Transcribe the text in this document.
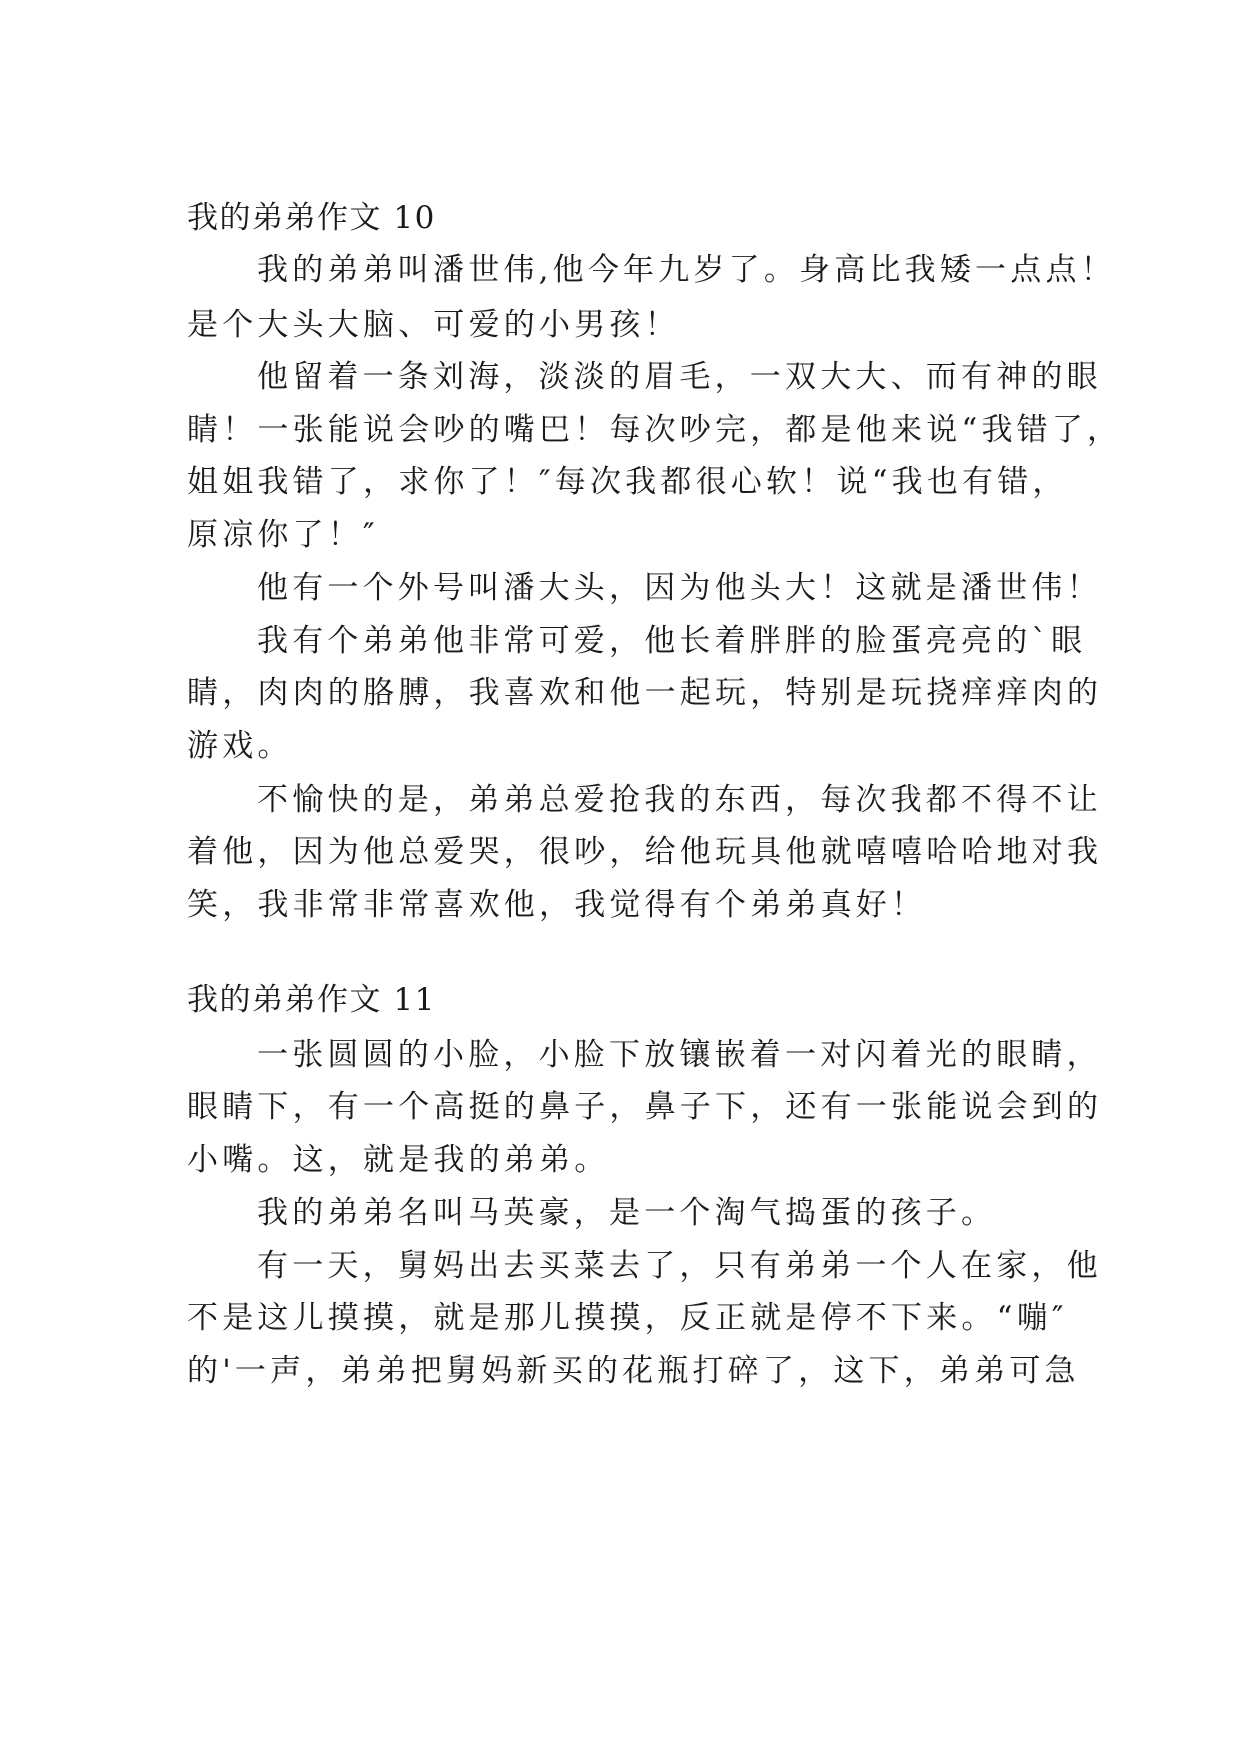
我的弟弟作文 10
我的弟弟叫潘世伟,他今年九岁了。身高比我矮一点点！
是个大头大脑、可爱的小男孩！
他留着一条刘海，淡淡的眉毛，一双大大、而有神的眼
睛！一张能说会吵的嘴巴！每次吵完，都是他来说“我错了，
姐姐我错了，求你了！″每次我都很心软！说“我也有错，
原凉你了！″
他有一个外号叫潘大头，因为他头大！这就是潘世伟！
我有个弟弟他非常可爱，他长着胖胖的脸蛋亮亮的`眼
睛，肉肉的胳膊，我喜欢和他一起玩，特别是玩挠痒痒肉的
游戏。
不愉快的是，弟弟总爱抢我的东西，每次我都不得不让
着他，因为他总爱哭，很吵，给他玩具他就嘻嘻哈哈地对我
笑，我非常非常喜欢他，我觉得有个弟弟真好！
我的弟弟作文 11
一张圆圆的小脸，小脸下放镶嵌着一对闪着光的眼睛，
眼睛下，有一个高挺的鼻子，鼻子下，还有一张能说会到的
小嘴。这，就是我的弟弟。
我的弟弟名叫马英豪，是一个淘气捣蛋的孩子。
有一天，舅妈出去买菜去了，只有弟弟一个人在家，他
不是这儿摸摸，就是那儿摸摸，反正就是停不下来。“嘣″
的'一声，弟弟把舅妈新买的花瓶打碎了，这下，弟弟可急
